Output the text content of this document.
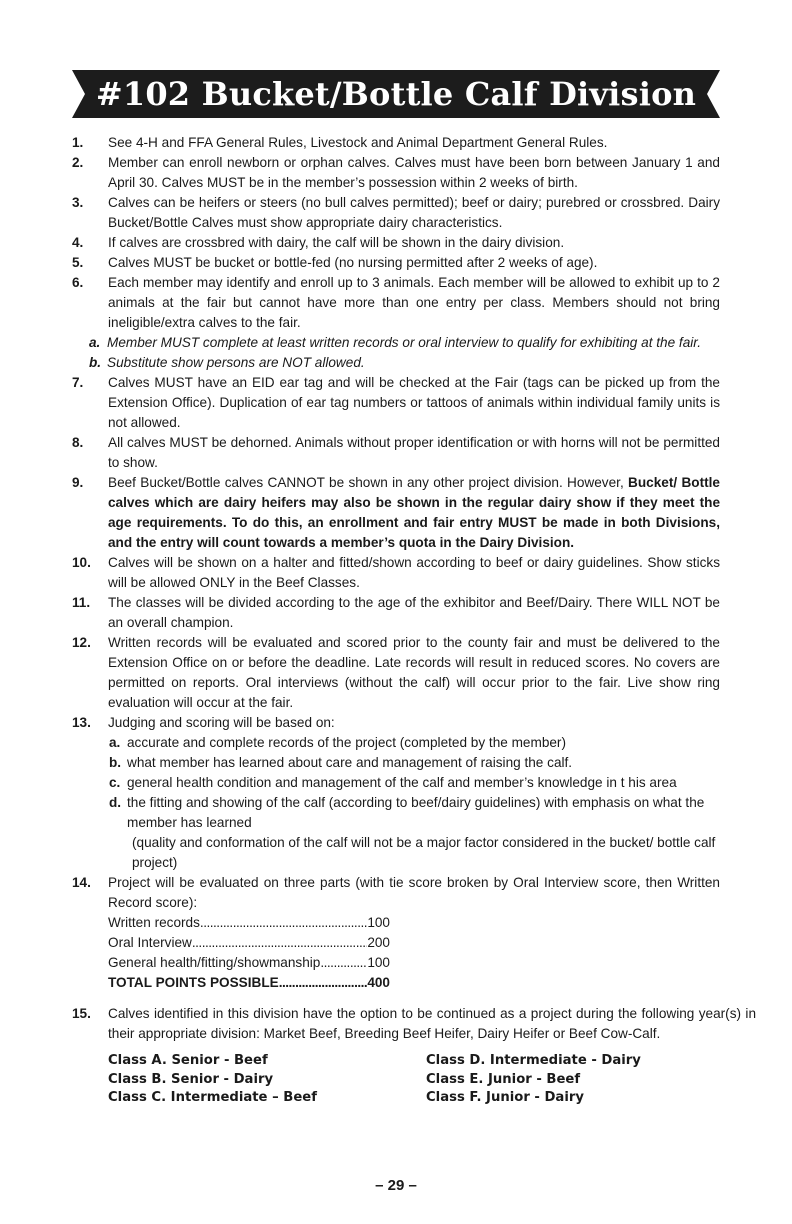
#102 Bucket/Bottle Calf Division
1.	See 4-H and FFA General Rules, Livestock and Animal Department General Rules.
2.	Member can enroll newborn or orphan calves. Calves must have been born between January 1 and April 30. Calves MUST be in the member’s possession within 2 weeks of birth.
3.	Calves can be heifers or steers (no bull calves permitted); beef or dairy; purebred or crossbred. Dairy Bucket/Bottle Calves must show appropriate dairy characteristics.
4.	If calves are crossbred with dairy, the calf will be shown in the dairy division.
5.	Calves MUST be bucket or bottle-fed (no nursing permitted after 2 weeks of age).
6.	Each member may identify and enroll up to 3 animals. Each member will be allowed to exhibit up to 2 animals at the fair but cannot have more than one entry per class. Members should not bring ineligible/extra calves to the fair.
a. Member MUST complete at least written records or oral interview to qualify for exhibiting at the fair.
b. Substitute show persons are NOT allowed.
7.	Calves MUST have an EID ear tag and will be checked at the Fair (tags can be picked up from the Extension Office). Duplication of ear tag numbers or tattoos of animals within individual family units is not allowed.
8.	All calves MUST be dehorned. Animals without proper identification or with horns will not be permitted to show.
9.	Beef Bucket/Bottle calves CANNOT be shown in any other project division. However, Bucket/ Bottle calves which are dairy heifers may also be shown in the regular dairy show if they meet the age requirements. To do this, an enrollment and fair entry MUST be made in both Divisions, and the entry will count towards a member’s quota in the Dairy Division.
10.	Calves will be shown on a halter and fitted/shown according to beef or dairy guidelines. Show sticks will be allowed ONLY in the Beef Classes.
11.	The classes will be divided according to the age of the exhibitor and Beef/Dairy. There WILL NOT be an overall champion.
12.	Written records will be evaluated and scored prior to the county fair and must be delivered to the Extension Office on or before the deadline. Late records will result in reduced scores. No covers are permitted on reports. Oral interviews (without the calf) will occur prior to the fair. Live show ring evaluation will occur at the fair.
13.	Judging and scoring will be based on:
a. accurate and complete records of the project (completed by the member)
b. what member has learned about care and management of raising the calf.
c. general health condition and management of the calf and member’s knowledge in t his area
d. the fitting and showing of the calf (according to beef/dairy guidelines) with emphasis on what the member has learned
(quality and conformation of the calf will not be a major factor considered in the bucket/ bottle calf project)
14.	Project will be evaluated on three parts (with tie score broken by Oral Interview score, then Written Record score):
Written records .....	100
Oral Interview .....	200
General health/fitting/showmanship .....	100
TOTAL POINTS POSSIBLE .....	400
15.	Calves identified in this division have the option to be continued as a project during the following year(s) in their appropriate division: Market Beef, Breeding Beef Heifer, Dairy Heifer or Beef Cow-Calf.
Class A. Senior - Beef	Class D. Intermediate - Dairy
Class B. Senior - Dairy	Class E. Junior - Beef
Class C. Intermediate – Beef	Class F. Junior - Dairy
– 29 –
